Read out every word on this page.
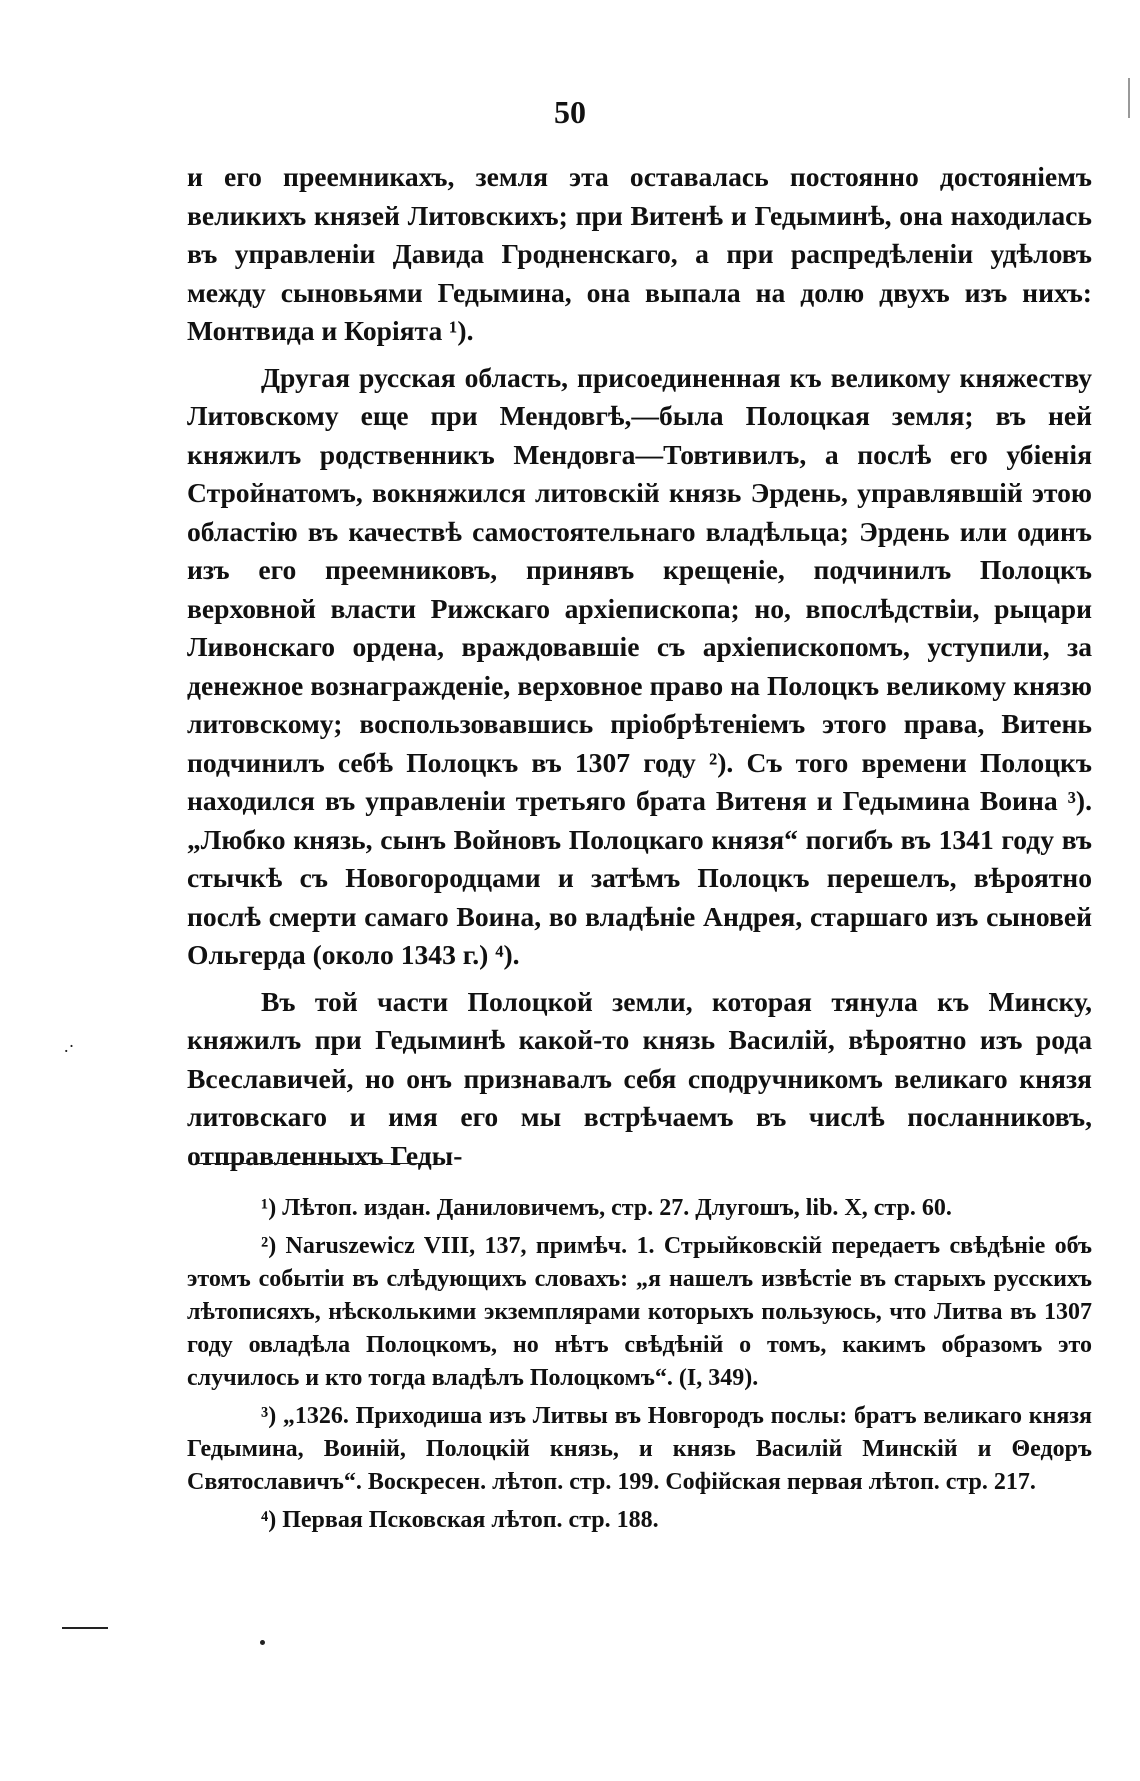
50

и его преемникахъ, земля эта оставалась постоянно достояніемъ великихъ князей Литовскихъ; при Витенѣ и Гедыминѣ, она находилась въ управленіи Давида Гродненскаго, а при распредѣленіи удѣловъ между сыновьями Гедымина, она выпала на долю двухъ изъ нихъ: Монтвида и Корiята ¹).

Другая русская область, присоединенная къ великому княжеству Литовскому еще при Мендовгѣ,—была Полоцкая земля; въ ней княжилъ родственникъ Мендовга—Товтивилъ, а послѣ его убіенія Стройнатомъ, вокняжился литовскій князь Эрдень, управлявшій этою областію въ качествѣ самостоятельнаго владѣльца; Эрдень или одинъ изъ его преемниковъ, принявъ крещеніе, подчинилъ Полоцкъ верховной власти Рижскаго архіепископа; но, впослѣдствіи, рыцари Ливонскаго ордена, враждовавшіе съ архіепископомъ, уступили, за денежное вознагражденіе, верховное право на Полоцкъ великому князю литовскому; воспользовавшись пріобрѣтеніемъ этого права, Витень подчинилъ себѣ Полоцкъ въ 1307 году ²). Съ того времени Полоцкъ находился въ управленіи третьяго брата Витеня и Гедымина Воина ³). „Любко князь, сынъ Войновъ Полоцкаго князя“ погибъ въ 1341 году въ стычкѣ съ Новогородцами и затѣмъ Полоцкъ перешелъ, вѣроятно послѣ смерти самаго Воина, во владѣніе Андрея, старшаго изъ сыновей Ольгерда (около 1343 г.) ⁴).

Въ той части Полоцкой земли, которая тянула къ Минску, княжилъ при Гедыминѣ какой-то князь Василій, вѣроятно изъ рода Всеславичей, но онъ признавалъ себя сподручникомъ великаго князя литовскаго и имя его мы встрѣчаемъ въ числѣ посланниковъ, отправленныхъ Геды-

¹) Лѣтоп. издан. Даниловичемъ, стр. 27. Длугошъ, lib. X, стр. 60.

²) Naruszewicz VIII, 137, примѣч. 1. Стрыйковскій передаетъ свѣдѣніе объ этомъ событіи въ слѣдующихъ словахъ: „я нашелъ извѣстіе въ старыхъ русскихъ лѣтописяхъ, нѣсколькими экземплярами которыхъ пользуюсь, что Литва въ 1307 году овладѣла Полоцкомъ, но нѣтъ свѣдѣній о томъ, какимъ образомъ это случилось и кто тогда владѣлъ Полоцкомъ“. (I, 349).

³) „1326. Приходиша изъ Литвы въ Новгородъ послы: братъ великаго князя Гедымина, Воиній, Полоцкій князь, и князь Василій Минскій и Θедоръ Святославичъ“. Воскресен. лѣтоп. стр. 199. Софійская первая лѣтоп. стр. 217.

⁴) Первая Псковская лѣтоп. стр. 188.

.·
